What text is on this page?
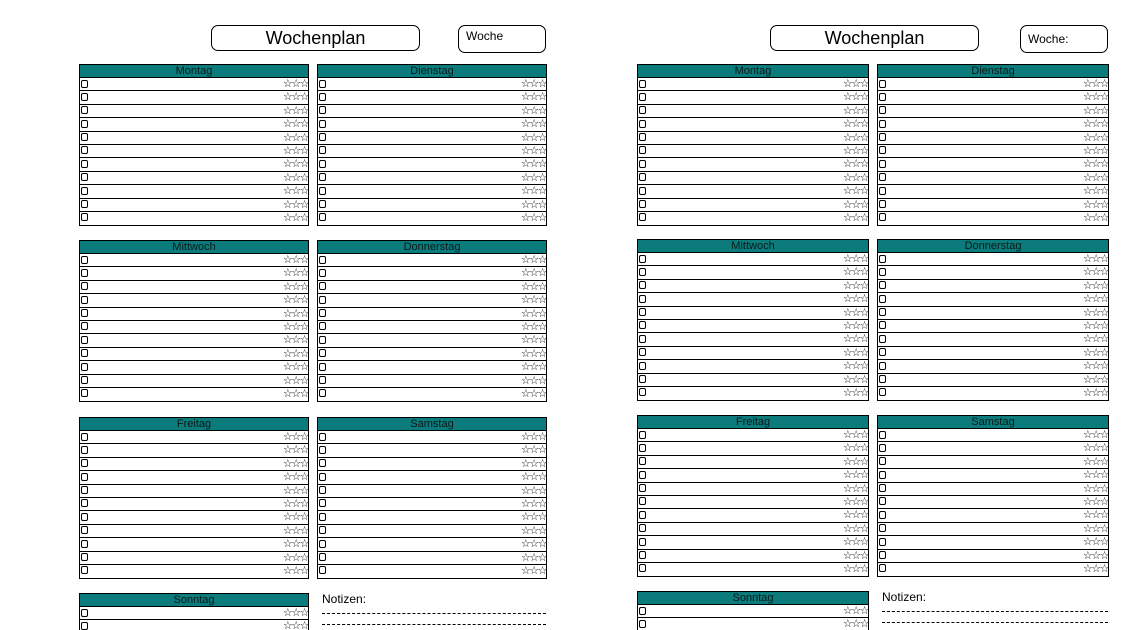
Wochenplan	Woche
Montag
☆☆☆
☆☆☆
☆☆☆
☆☆☆
☆☆☆
☆☆☆
☆☆☆
☆☆☆
☆☆☆
☆☆☆
☆☆☆
Dienstag
☆☆☆
☆☆☆
☆☆☆
☆☆☆
☆☆☆
☆☆☆
☆☆☆
☆☆☆
☆☆☆
☆☆☆
☆☆☆
Mittwoch
☆☆☆
☆☆☆
☆☆☆
☆☆☆
☆☆☆
☆☆☆
☆☆☆
☆☆☆
☆☆☆
☆☆☆
☆☆☆
Donnerstag
☆☆☆
☆☆☆
☆☆☆
☆☆☆
☆☆☆
☆☆☆
☆☆☆
☆☆☆
☆☆☆
☆☆☆
☆☆☆
Freitag
☆☆☆
☆☆☆
☆☆☆
☆☆☆
☆☆☆
☆☆☆
☆☆☆
☆☆☆
☆☆☆
☆☆☆
☆☆☆
Samstag
☆☆☆
☆☆☆
☆☆☆
☆☆☆
☆☆☆
☆☆☆
☆☆☆
☆☆☆
☆☆☆
☆☆☆
☆☆☆
Sonntag
☆☆☆
☆☆☆
Notizen:
Wochenplan	Woche:
Montag
☆☆☆
☆☆☆
☆☆☆
☆☆☆
☆☆☆
☆☆☆
☆☆☆
☆☆☆
☆☆☆
☆☆☆
☆☆☆
Dienstag
☆☆☆
☆☆☆
☆☆☆
☆☆☆
☆☆☆
☆☆☆
☆☆☆
☆☆☆
☆☆☆
☆☆☆
☆☆☆
Mittwoch
☆☆☆
☆☆☆
☆☆☆
☆☆☆
☆☆☆
☆☆☆
☆☆☆
☆☆☆
☆☆☆
☆☆☆
☆☆☆
Donnerstag
☆☆☆
☆☆☆
☆☆☆
☆☆☆
☆☆☆
☆☆☆
☆☆☆
☆☆☆
☆☆☆
☆☆☆
☆☆☆
Freitag
☆☆☆
☆☆☆
☆☆☆
☆☆☆
☆☆☆
☆☆☆
☆☆☆
☆☆☆
☆☆☆
☆☆☆
☆☆☆
Samstag
☆☆☆
☆☆☆
☆☆☆
☆☆☆
☆☆☆
☆☆☆
☆☆☆
☆☆☆
☆☆☆
☆☆☆
☆☆☆
Sonntag
☆☆☆
☆☆☆
Notizen:
